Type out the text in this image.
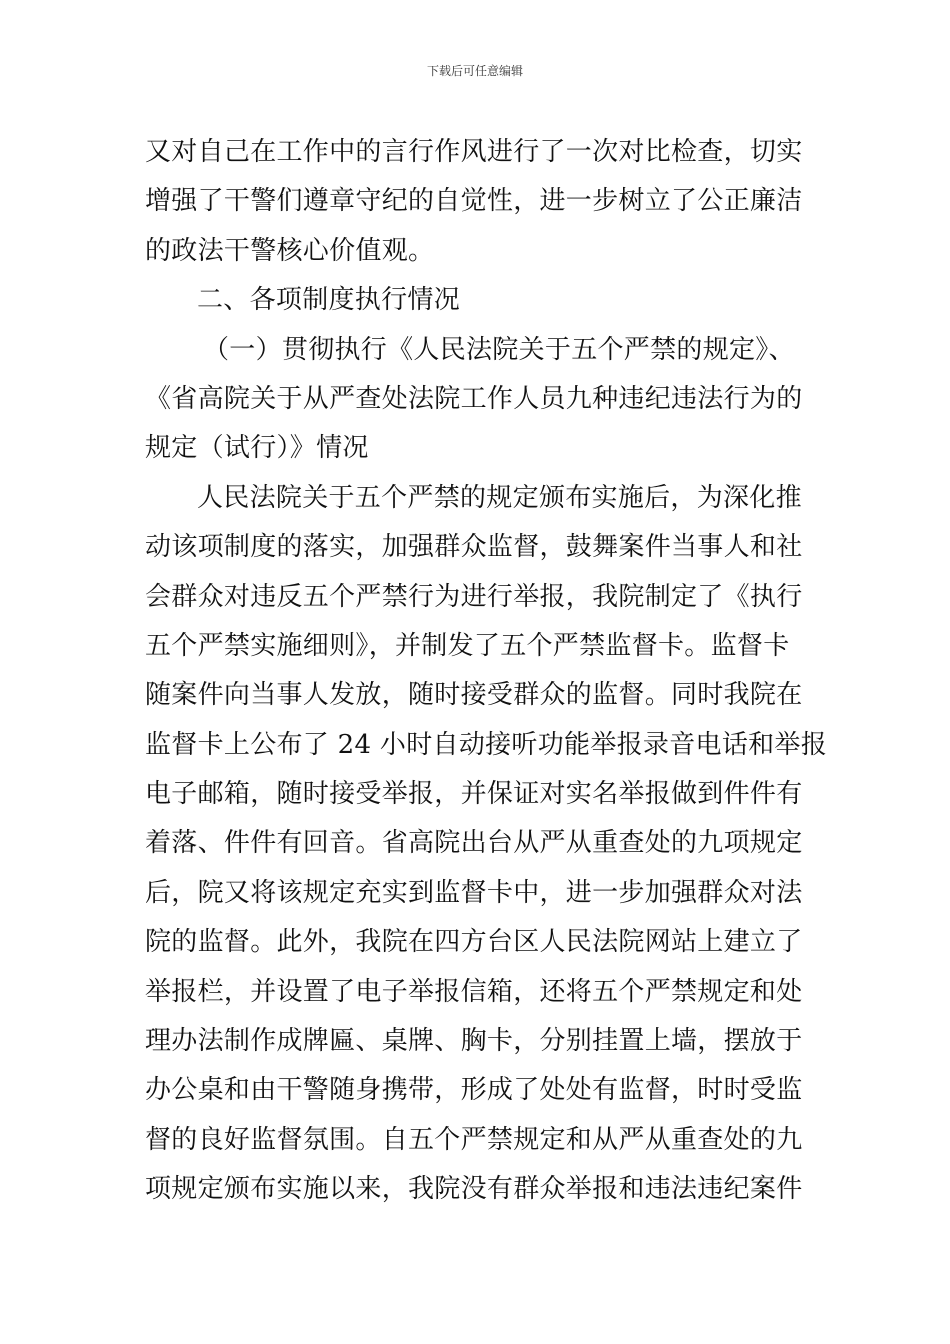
下载后可任意编辑
又对自己在工作中的言行作风进行了一次对比检查，切实
增强了干警们遵章守纪的自觉性，进一步树立了公正廉洁
的政法干警核心价值观。
二、各项制度执行情况
（一）贯彻执行《人民法院关于五个严禁的规定》、
《省高院关于从严查处法院工作人员九种违纪违法行为的
规定（试行）》情况
人民法院关于五个严禁的规定颁布实施后，为深化推
动该项制度的落实，加强群众监督，鼓舞案件当事人和社
会群众对违反五个严禁行为进行举报，我院制定了《执行
五个严禁实施细则》，并制发了五个严禁监督卡。监督卡
随案件向当事人发放，随时接受群众的监督。同时我院在
监督卡上公布了 24 小时自动接听功能举报录音电话和举报
电子邮箱，随时接受举报，并保证对实名举报做到件件有
着落、件件有回音。省高院出台从严从重查处的九项规定
后，院又将该规定充实到监督卡中，进一步加强群众对法
院的监督。此外，我院在四方台区人民法院网站上建立了
举报栏，并设置了电子举报信箱，还将五个严禁规定和处
理办法制作成牌匾、桌牌、胸卡，分别挂置上墙，摆放于
办公桌和由干警随身携带，形成了处处有监督，时时受监
督的良好监督氛围。自五个严禁规定和从严从重查处的九
项规定颁布实施以来，我院没有群众举报和违法违纪案件
